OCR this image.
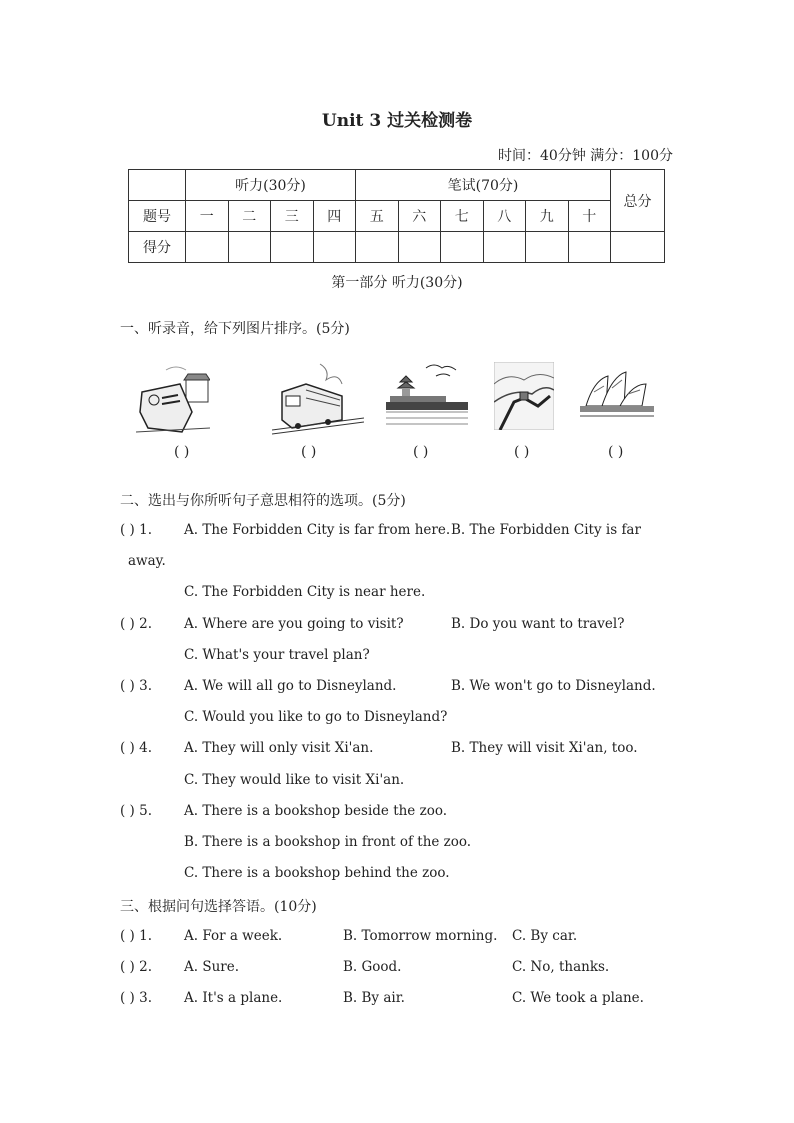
Unit 3 过关检测卷
时间：40分钟 满分：100分
	听力(30分)				笔试(70分)						总分
题号	一	二	三	四	五	六	七	八	九	十	
得分											
第一部分 听力(30分)
一、听录音，给下列图片排序。(5分)
( )	( )	( )	( )	( )
二、选出与你所听句子意思相符的选项。(5分)
( ) 1. A. The Forbidden City is far from here. B. The Forbidden City is far
away.
C. The Forbidden City is near here.
( ) 2. A. Where are you going to visit?	B. Do you want to travel?
C. What's your travel plan?
( ) 3. A. We will all go to Disneyland.	B. We won't go to Disneyland.
C. Would you like to go to Disneyland?
( ) 4. A. They will only visit Xi'an.	B. They will visit Xi'an, too.
C. They would like to visit Xi'an.
( ) 5. A. There is a bookshop beside the zoo.
B. There is a bookshop in front of the zoo.
C. There is a bookshop behind the zoo.
三、根据问句选择答语。(10分)
( ) 1. A. For a week.	B. Tomorrow morning. C. By car.
( ) 2. A. Sure.	B. Good.	C. No, thanks.
( ) 3. A. It's a plane.	B. By air.	C. We took a plane.
